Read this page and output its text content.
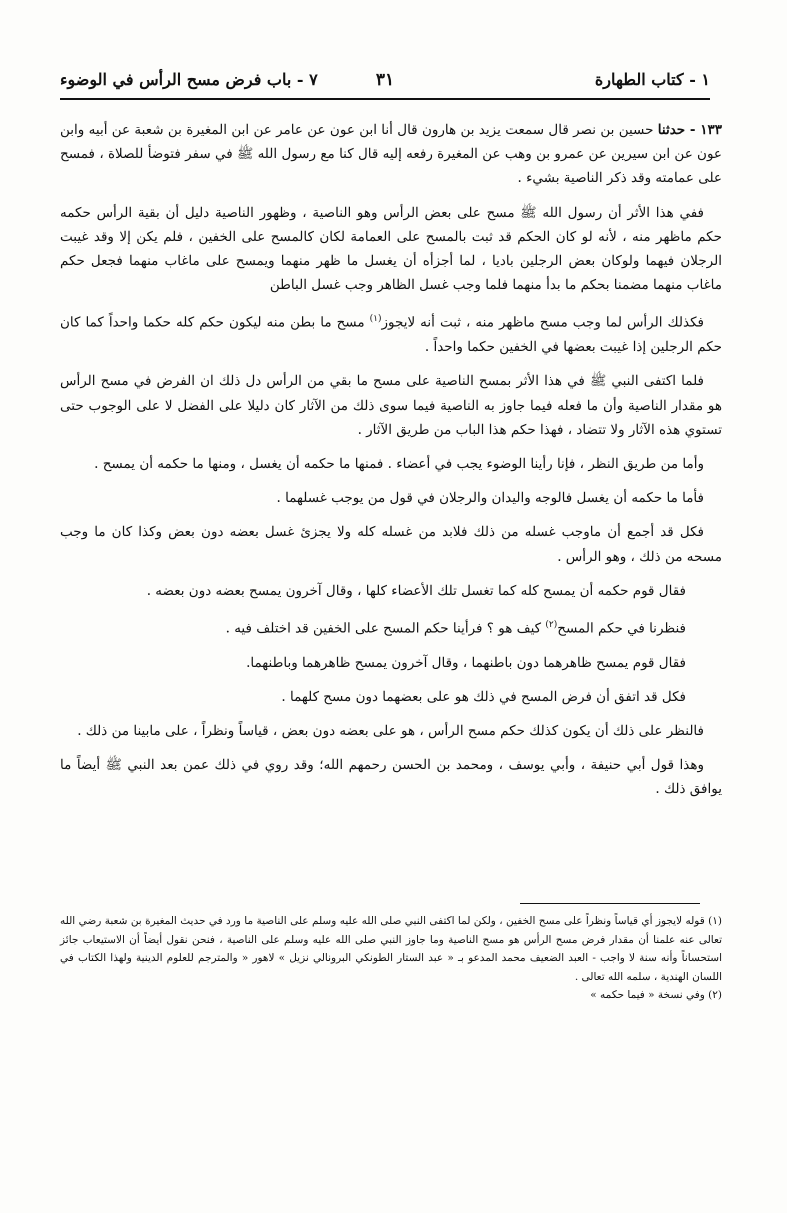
١ - كتاب الطهارة
٣١
٧ - باب فرض مسح الرأس في الوضوء

١٣٣ - حدثنا حسين بن نصر قال سمعت يزيد بن هارون قال أنا ابن عون عن عامر عن ابن المغيرة بن شعبة عن أبيه وابن عون عن ابن سيرين عن عمرو بن وهب عن المغيرة رفعه إليه قال كنا مع رسول الله ﷺ في سفر فتوضأ للصلاة ، فمسح على عمامته وقد ذكر الناصية بشيء .

ففي هذا الأثر أن رسول الله ﷺ مسح على بعض الرأس وهو الناصية ، وظهور الناصية دليل أن بقية الرأس حكمه حكم ماظهر منه ، لأنه لو كان الحكم قد ثبت بالمسح على العمامة لكان كالمسح على الخفين ، فلم يكن إلا وقد غيبت الرجلان فيهما ولوكان بعض الرجلين باديا ، لما أجزأه أن يغسل ما ظهر منهما ويمسح على ماغاب منهما فجعل حكم ماغاب منهما مضمنا بحكم ما بدأ منهما فلما وجب غسل الظاهر وجب غسل الباطن

فكذلك الرأس لما وجب مسح ماظهر منه ، ثبت أنه لايجوز$^{(١)}$ مسح ما بطن منه ليكون حكم كله حكما واحداً كما كان حكم الرجلين إذا غيبت بعضها في الخفين حكما واحداً .

فلما اكتفى النبي ﷺ في هذا الأثر بمسح الناصية على مسح ما بقي من الرأس دل ذلك ان الفرض في مسح الرأس هو مقدار الناصية وأن ما فعله فيما جاوز به الناصية فيما سوى ذلك من الآثار كان دليلا على الفضل لا على الوجوب حتى تستوي هذه الآثار ولا تتضاد ، فهذا حكم هذا الباب من طريق الآثار .

وأما من طريق النظر ، فإنا رأينا الوضوء يجب في أعضاء . فمنها ما حكمه أن يغسل ، ومنها ما حكمه أن يمسح .

فأما ما حكمه أن يغسل فالوجه واليدان والرجلان في قول من يوجب غسلهما .

فكل قد أجمع أن ماوجب غسله من ذلك فلابد من غسله كله ولا يجزئ غسل بعضه دون بعض وكذا كان ما وجب مسحه من ذلك ، وهو الرأس .

فقال قوم حكمه أن يمسح كله كما تغسل تلك الأعضاء كلها ، وقال آخرون يمسح بعضه دون بعضه .

فنظرنا في حكم المسح$^{(٢)}$ كيف هو ؟ فرأينا حكم المسح على الخفين قد اختلف فيه .

فقال قوم يمسح ظاهرهما دون باطنهما ، وقال آخرون يمسح ظاهرهما وباطنهما.

فكل قد اتفق أن فرض المسح في ذلك هو على بعضهما دون مسح كلهما .

فالنظر على ذلك أن يكون كذلك حكم مسح الرأس ، هو على بعضه دون بعض ، قياساً ونظراً ، على مابينا من ذلك .

وهذا قول أبي حنيفة ، وأبي يوسف ، ومحمد بن الحسن رحمهم الله؛ وقد روي في ذلك عمن بعد النبي ﷺ أيضاً ما يوافق ذلك .

(١) قوله لايجوز أي قياساً ونظراً على مسح الخفين ، ولكن لما اكتفى النبي صلى الله عليه وسلم على الناصية ما ورد في حديث المغيرة بن شعبة رضي الله تعالى عنه علمنا أن مقدار فرض مسح الرأس هو مسح الناصية وما جاوز النبي صلى الله عليه وسلم على الناصية ، فنحن نقول أيضاً أن الاستيعاب جائز استحساناً وأنه سنة لا واجب - العبد الضعيف محمد المدعو بـ « عبد الستار الطونكي البرونالي نزيل » لاهور « والمترجم للعلوم الدينية ولهذا الكتاب في اللسان الهندية ، سلمه الله تعالى .

(٢) وفي نسخة « فيما حكمه »
